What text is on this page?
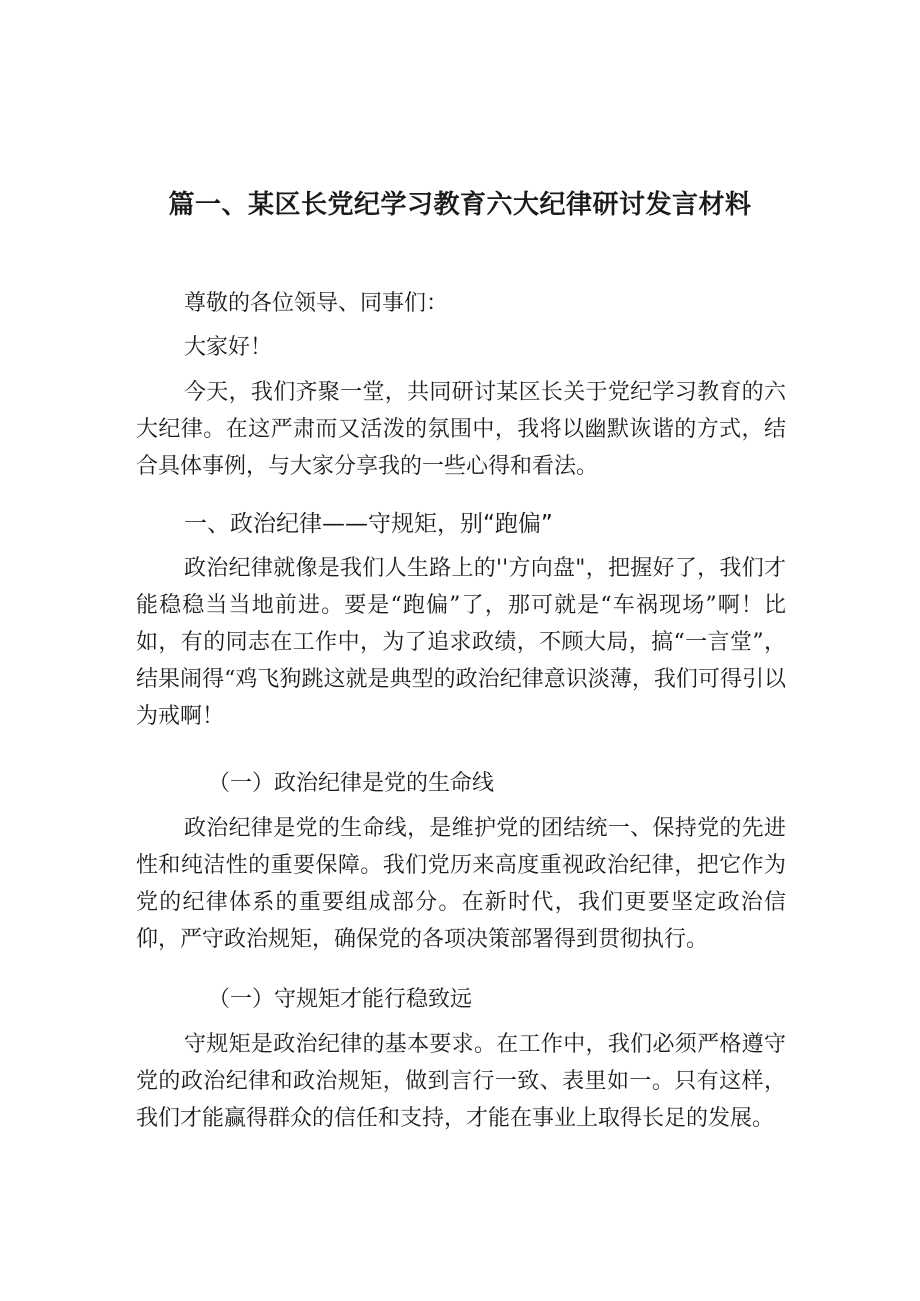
篇一、某区长党纪学习教育六大纪律研讨发言材料

尊敬的各位领导、同事们：

大家好！

今天，我们齐聚一堂，共同研讨某区长关于党纪学习教育的六大纪律。在这严肃而又活泼的氛围中，我将以幽默诙谐的方式，结合具体事例，与大家分享我的一些心得和看法。

一、政治纪律——守规矩，别“跑偏”

政治纪律就像是我们人生路上的''方向盘"，把握好了，我们才能稳稳当当地前进。要是“跑偏”了，那可就是“车祸现场”啊！比如，有的同志在工作中，为了追求政绩，不顾大局，搞“一言堂”，结果闹得“鸡飞狗跳这就是典型的政治纪律意识淡薄，我们可得引以为戒啊！

（一）政治纪律是党的生命线

政治纪律是党的生命线，是维护党的团结统一、保持党的先进性和纯洁性的重要保障。我们党历来高度重视政治纪律，把它作为党的纪律体系的重要组成部分。在新时代，我们更要坚定政治信仰，严守政治规矩，确保党的各项决策部署得到贯彻执行。

（一）守规矩才能行稳致远

守规矩是政治纪律的基本要求。在工作中，我们必须严格遵守党的政治纪律和政治规矩，做到言行一致、表里如一。只有这样，我们才能赢得群众的信任和支持，才能在事业上取得长足的发展。
